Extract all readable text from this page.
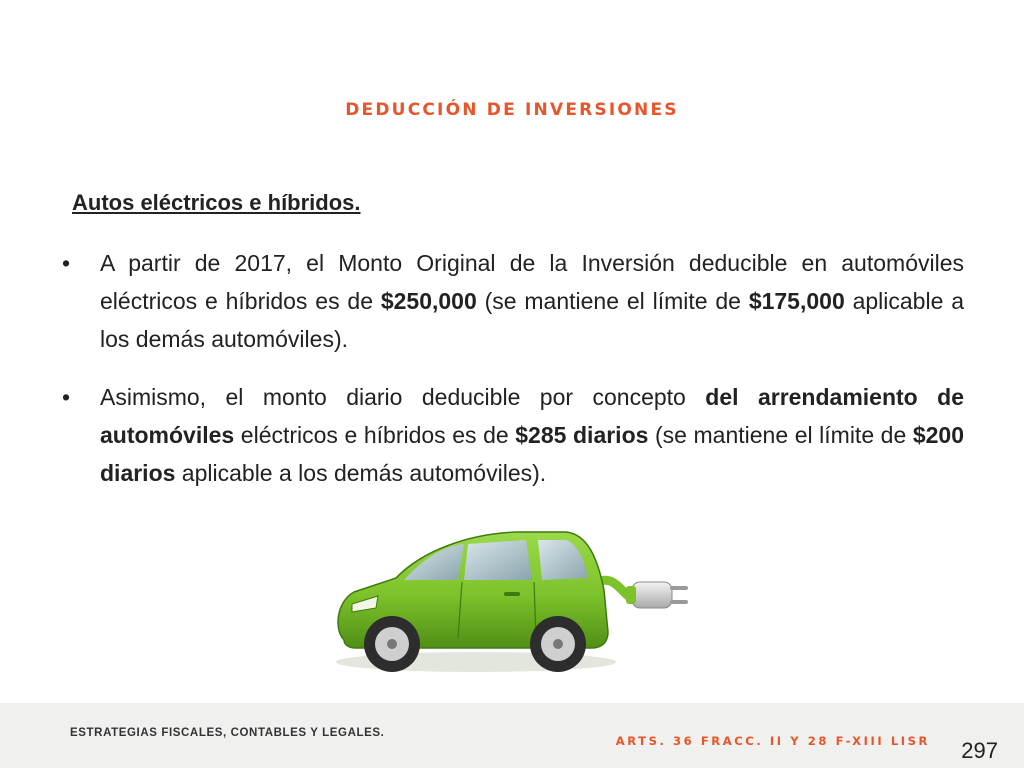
DEDUCCIÓN DE INVERSIONES
Autos eléctricos e híbridos.
• A partir de 2017, el Monto Original de la Inversión deducible en automóviles eléctricos e híbridos es de $250,000 (se mantiene el límite de $175,000 aplicable a los demás automóviles).
• Asimismo, el monto diario deducible por concepto del arrendamiento de automóviles eléctricos e híbridos es de $285 diarios (se mantiene el límite de $200 diarios aplicable a los demás automóviles).
ESTRATEGIAS FISCALES, CONTABLES Y LEGALES.
ARTS. 36 FRACC. II Y 28 F-XIII LISR 297
